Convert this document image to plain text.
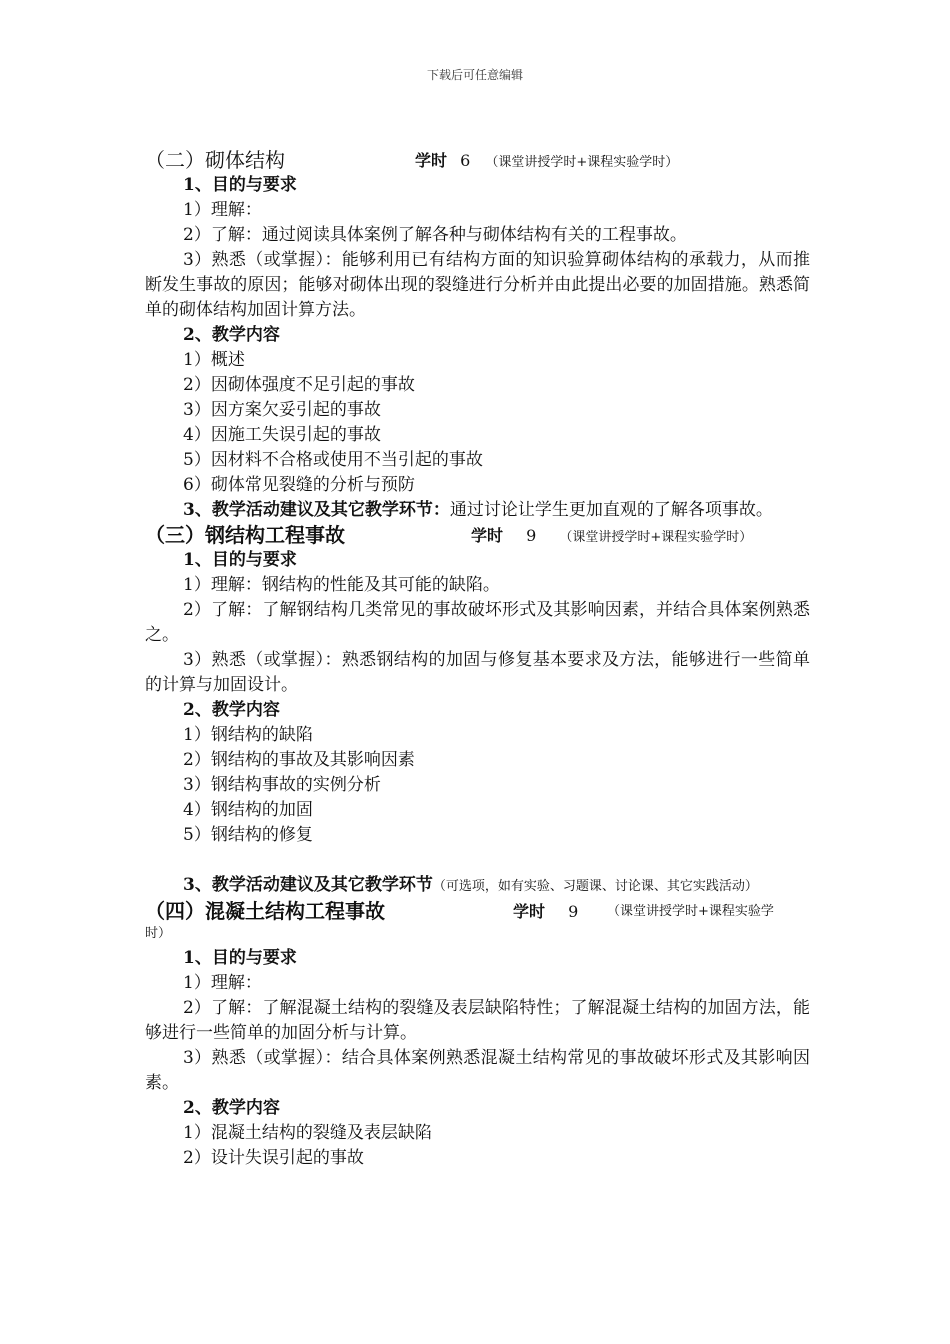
下载后可任意编辑
（二）砌体结构	学时 6 （课堂讲授学时+课程实验学时）

1、目的与要求

1）理解：

2）了解：通过阅读具体案例了解各种与砌体结构有关的工程事故。

3）熟悉（或掌握）：能够利用已有结构方面的知识验算砌体结构的承载力，从而推断发生事故的原因；能够对砌体出现的裂缝进行分析并由此提出必要的加固措施。熟悉简单的砌体结构加固计算方法。

2、教学内容

1）概述

2）因砌体强度不足引起的事故

3）因方案欠妥引起的事故

4）因施工失误引起的事故

5）因材料不合格或使用不当引起的事故

6）砌体常见裂缝的分析与预防

3、教学活动建议及其它教学环节：通过讨论让学生更加直观的了解各项事故。

（三）钢结构工程事故	学时 9 （课堂讲授学时+课程实验学时）

1、目的与要求

1）理解：钢结构的性能及其可能的缺陷。

2）了解：了解钢结构几类常见的事故破坏形式及其影响因素，并结合具体案例熟悉之。

3）熟悉（或掌握）：熟悉钢结构的加固与修复基本要求及方法，能够进行一些简单的计算与加固设计。

2、教学内容

1）钢结构的缺陷

2）钢结构的事故及其影响因素

3）钢结构事故的实例分析

4）钢结构的加固

5）钢结构的修复

3、教学活动建议及其它教学环节（可选项，如有实验、习题课、讨论课、其它实践活动）

（四）混凝土结构工程事故	学时 9 （课堂讲授学时+课程实验学

时）

1、目的与要求

1）理解：

2）了解：了解混凝土结构的裂缝及表层缺陷特性；了解混凝土结构的加固方法，能够进行一些简单的加固分析与计算。

3）熟悉（或掌握）：结合具体案例熟悉混凝土结构常见的事故破坏形式及其影响因素。

2、教学内容

1）混凝土结构的裂缝及表层缺陷

2）设计失误引起的事故
